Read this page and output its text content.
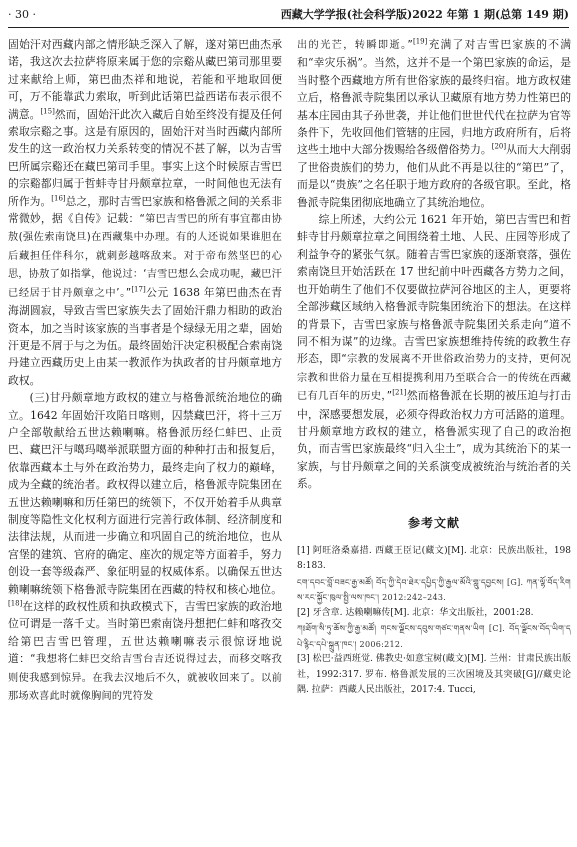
· 30 ·	西藏大学学报(社会科学版)2022 年第 1 期(总第 149 期)

固始汗对西藏内部之情形缺乏深入了解，遂对第巴曲杰承诺，我这次去拉萨将原来属于您的宗谿从藏巴第司那里要过来献给上师，第巴曲杰祥和地说，若能和平地取回便可，万不能靠武力索取，听到此话第巴益西诺布表示很不满意。[15]然而，固始汗此次入藏后自始至终没有提及任何索取宗谿之事。这是有原因的，固始汗对当时西藏内部所发生的这一政治权力关系转变的情况不甚了解，以为吉雪巴所属宗谿还在藏巴第司手里。事实上这个时候原吉雪巴的宗谿都归属于哲蚌寺甘丹颇章拉章，一时间他也无法有所作为。[16]总之，那时吉雪巴家族和格鲁派之间的关系非常微妙，据《自传》记载：“第巴吉雪巴的所有事宜都由协敖(强佐索南饶旦)在西藏集中办理。有的人还说如果谁胆在后藏担任伴科尔，就刺彭越喀敌来。对于帝布然坚巴的心思，协敖了如指掌，他说过：‘吉雪巴想么会成功呢，藏巴汗已经居于甘丹颇章之中’。”[17]公元 1638 年第巴曲杰在青海湖圆寂，导致吉雪巴家族失去了固始汗鼎力相助的政治资本，加之当时该家族的当事者是个绿绿无用之辈，固始汗更是不屑于与之为伍。最终固始汗决定积极配合索南饶丹建立西藏历史上由某一教派作为执政者的甘丹颇章地方政权。

(三)甘丹颇章地方政权的建立与格鲁派统治地位的确立。1642 年固始汗攻陷日喀则，囚禁藏巴汗，将十三万户全部敬献给五世达赖喇嘛。格鲁派历经仁蚌巴、止贡巴、藏巴汗与噶玛噶举派联盟方面的种种打击和报复后，依靠西藏本土与外在政治势力，最终走向了权力的巅峰，成为全藏的统治者。政权得以建立后，格鲁派寺院集团在五世达赖喇嘛和历任第巴的统领下，不仅开始着手从典章制度等隐性文化权利方面进行完善行政体制、经济制度和法律法规，从而进一步确立和巩固自己的统治地位，也从宫堡的建筑、官府的确定、座次的规定等方面着手，努力创设一套等级森严、象征明显的权威体系。以确保五世达赖喇嘛统领下格鲁派寺院集团在西藏的特权和核心地位。[18]在这样的政权性质和执政模式下，吉雪巴家族的政治地位可谓是一落千丈。当时第巴索南饶丹想把仁蚌和喀孜交给第巴吉雪巴管理，五世达赖喇嘛表示很惊讶地说道：“我想将仁蚌巴交给吉雪台吉还说得过去，而移交喀孜则使我感到惊异。在我去汉地后不久，就被收回来了。以前那场欢喜此时就像胸间的咒符发

出的光芒，转瞬即逝。”[19]充满了对吉雪巴家族的不满和“幸灾乐祸”。当然，这并不是一个第巴家族的命运，是当时整个西藏地方所有世俗家族的最终归宿。地方政权建立后，格鲁派寺院集团以承认卫藏原有地方势力性第巴的基本庄园由其子孙世袭，并让他们世世代代在拉萨为官等条件下，先收回他们管辖的庄园，归地方政府所有，后将这些土地中大部分拨赐给各级僧俗势力。[20]从而大大削弱了世俗贵族们的势力，他们从此不再是以往的“第巴”了，而是以“贵族”之名任职于地方政府的各级官职。至此，格鲁派寺院集团彻底地确立了其统治地位。

综上所述，大约公元 1621 年开始，第巴吉雪巴和哲蚌寺甘丹颇章拉章之间围绕着土地、人民、庄园等形成了利益争夺的紧张气氛。随着吉雪巴家族的逐渐衰落，强佐索南饶旦开始活跃在 17 世纪前中叶西藏各方势力之间，也开始萌生了他们不仅要做拉萨河谷地区的主人，更要将全部涉藏区域纳入格鲁派寺院集团统治下的想法。在这样的背景下，吉雪巴家族与格鲁派寺院集团关系走向“道不同不相为谋”的边缘。吉雪巴家族想维持传统的政教生存形态，即“宗教的发展离不开世俗政治势力的支持，更何况宗教和世俗力量在互相提携利用乃至联合合一的传统在西藏已有几百年的历史，”[21]然而格鲁派在长期的被压迫与打击中，深感要想发展，必须夺得政治权力方可活路的道理。甘丹颇章地方政权的建立，格鲁派实现了自己的政治抱负，而吉雪巴家族最终“归入尘土”，成为其统治下的某一家族，与甘丹颇章之间的关系演变成被统治与统治者的关系。

参考文献

[1] 阿旺洛桑嘉措. 西藏王臣记(藏文)[M]. 北京：民族出版社，1988:183.

ངག་དབང་བློ་བཟང་རྒྱ་མཚོ། བོད་ཀྱི་དེབ་ཐེར་དཔྱིད་ཀྱི་རྒྱལ་མོའི་གླུ་དབྱངས། [G]. ཀན་ལྷོ་བོད་རིགས་རང་སྐྱོང་ཁུལ་སྤྱི་ལས་ཁང་། 2012:242–243.

[2] 牙含章. 达赖喇嘛传[M]. 北京：华文出版社，2001:28.

ཀཿཐོག་སི་ཏུ་ཆོས་ཀྱི་རྒྱ་མཚོ། གངས་ལྗོངས་དབུས་གཙང་གནས་ཡིག [C]. བོད་ལྗོངས་བོད་ཡིག་དཔེ་རྙིང་དཔེ་སྐྲུན་ཁང་། 2006:212.

[3] 松巴·益西班觉. 佛教史·如意宝树(藏文)[M]. 兰州：甘肃民族出版社，1992:317. 罗布. 格鲁派发展的三次困境及其突破[G]//藏史论隅. 拉萨：西藏人民出版社，2017:4. Tucci,
